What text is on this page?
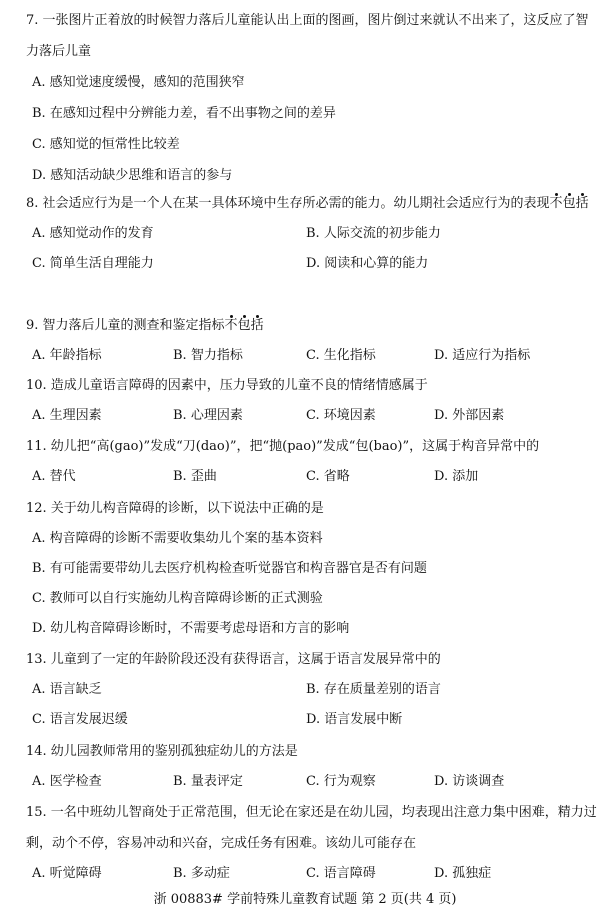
7. 一张图片正着放的时候智力落后儿童能认出上面的图画，图片倒过来就认不出来了，这反应了智力落后儿童
A. 感知觉速度缓慢，感知的范围狭窄
B. 在感知过程中分辨能力差，看不出事物之间的差异
C. 感知觉的恒常性比较差
D. 感知活动缺少思维和语言的参与
8. 社会适应行为是一个人在某一具体环境中生存所必需的能力。幼儿期社会适应行为的表现不包括
A. 感知觉动作的发育	B. 人际交流的初步能力
C. 简单生活自理能力	D. 阅读和心算的能力
9. 智力落后儿童的测查和鉴定指标不包括
A. 年龄指标	B. 智力指标	C. 生化指标	D. 适应行为指标
10. 造成儿童语言障碍的因素中，压力导致的儿童不良的情绪情感属于
A. 生理因素	B. 心理因素	C. 环境因素	D. 外部因素
11. 幼儿把“高(gao)”发成“刀(dao)”，把“抛(pao)”发成“包(bao)”，这属于构音异常中的
A. 替代	B. 歪曲	C. 省略	D. 添加
12. 关于幼儿构音障碍的诊断，以下说法中正确的是
A. 构音障碍的诊断不需要收集幼儿个案的基本资料
B. 有可能需要带幼儿去医疗机构检查听觉器官和构音器官是否有问题
C. 教师可以自行实施幼儿构音障碍诊断的正式测验
D. 幼儿构音障碍诊断时，不需要考虑母语和方言的影响
13. 儿童到了一定的年龄阶段还没有获得语言，这属于语言发展异常中的
A. 语言缺乏	B. 存在质量差别的语言
C. 语言发展迟缓	D. 语言发展中断
14. 幼儿园教师常用的鉴别孤独症幼儿的方法是
A. 医学检查	B. 量表评定	C. 行为观察	D. 访谈调查
15. 一名中班幼儿智商处于正常范围，但无论在家还是在幼儿园，均表现出注意力集中困难，精力过剩，动个不停，容易冲动和兴奋，完成任务有困难。该幼儿可能存在
A. 听觉障碍	B. 多动症	C. 语言障碍	D. 孤独症
浙 00883# 学前特殊儿童教育试题 第 2 页(共 4 页)
